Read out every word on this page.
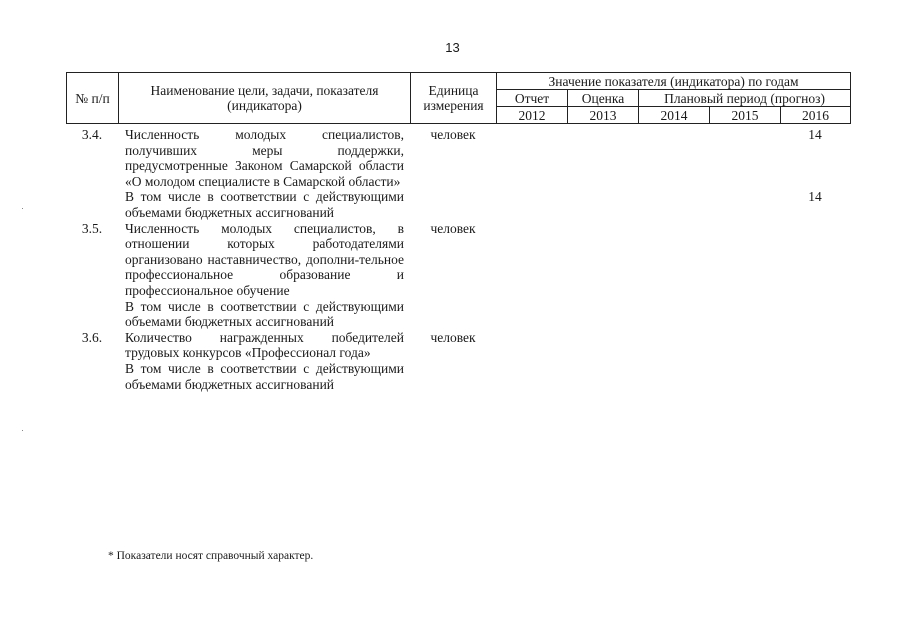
13
№ п/п	Наименование цели, задачи, показателя (индикатора)	Единица измерения	Значение показателя (индикатора) по годам				
			Отчет	Оценка	Плановый период (прогноз)		
			2012	2013	2014	2015	2016
3.4.	Численность молодых специалистов, получивших меры поддержки, предусмотренные Законом Самарской области «О молодом специалисте в Самарской области»	человек					14
	В том числе в соответствии с действующими объемами бюджетных ассигнований						14
3.5.	Численность молодых специалистов, в отношении которых работодателями организовано наставничество, дополни-тельное профессиональное образование и профессиональное обучение	человек					
	В том числе в соответствии с действующими объемами бюджетных ассигнований						
3.6.	Количество награжденных победителей трудовых конкурсов «Профессионал года»	человек					
	В том числе в соответствии с действующими объемами бюджетных ассигнований						
* Показатели носят справочный характер.
